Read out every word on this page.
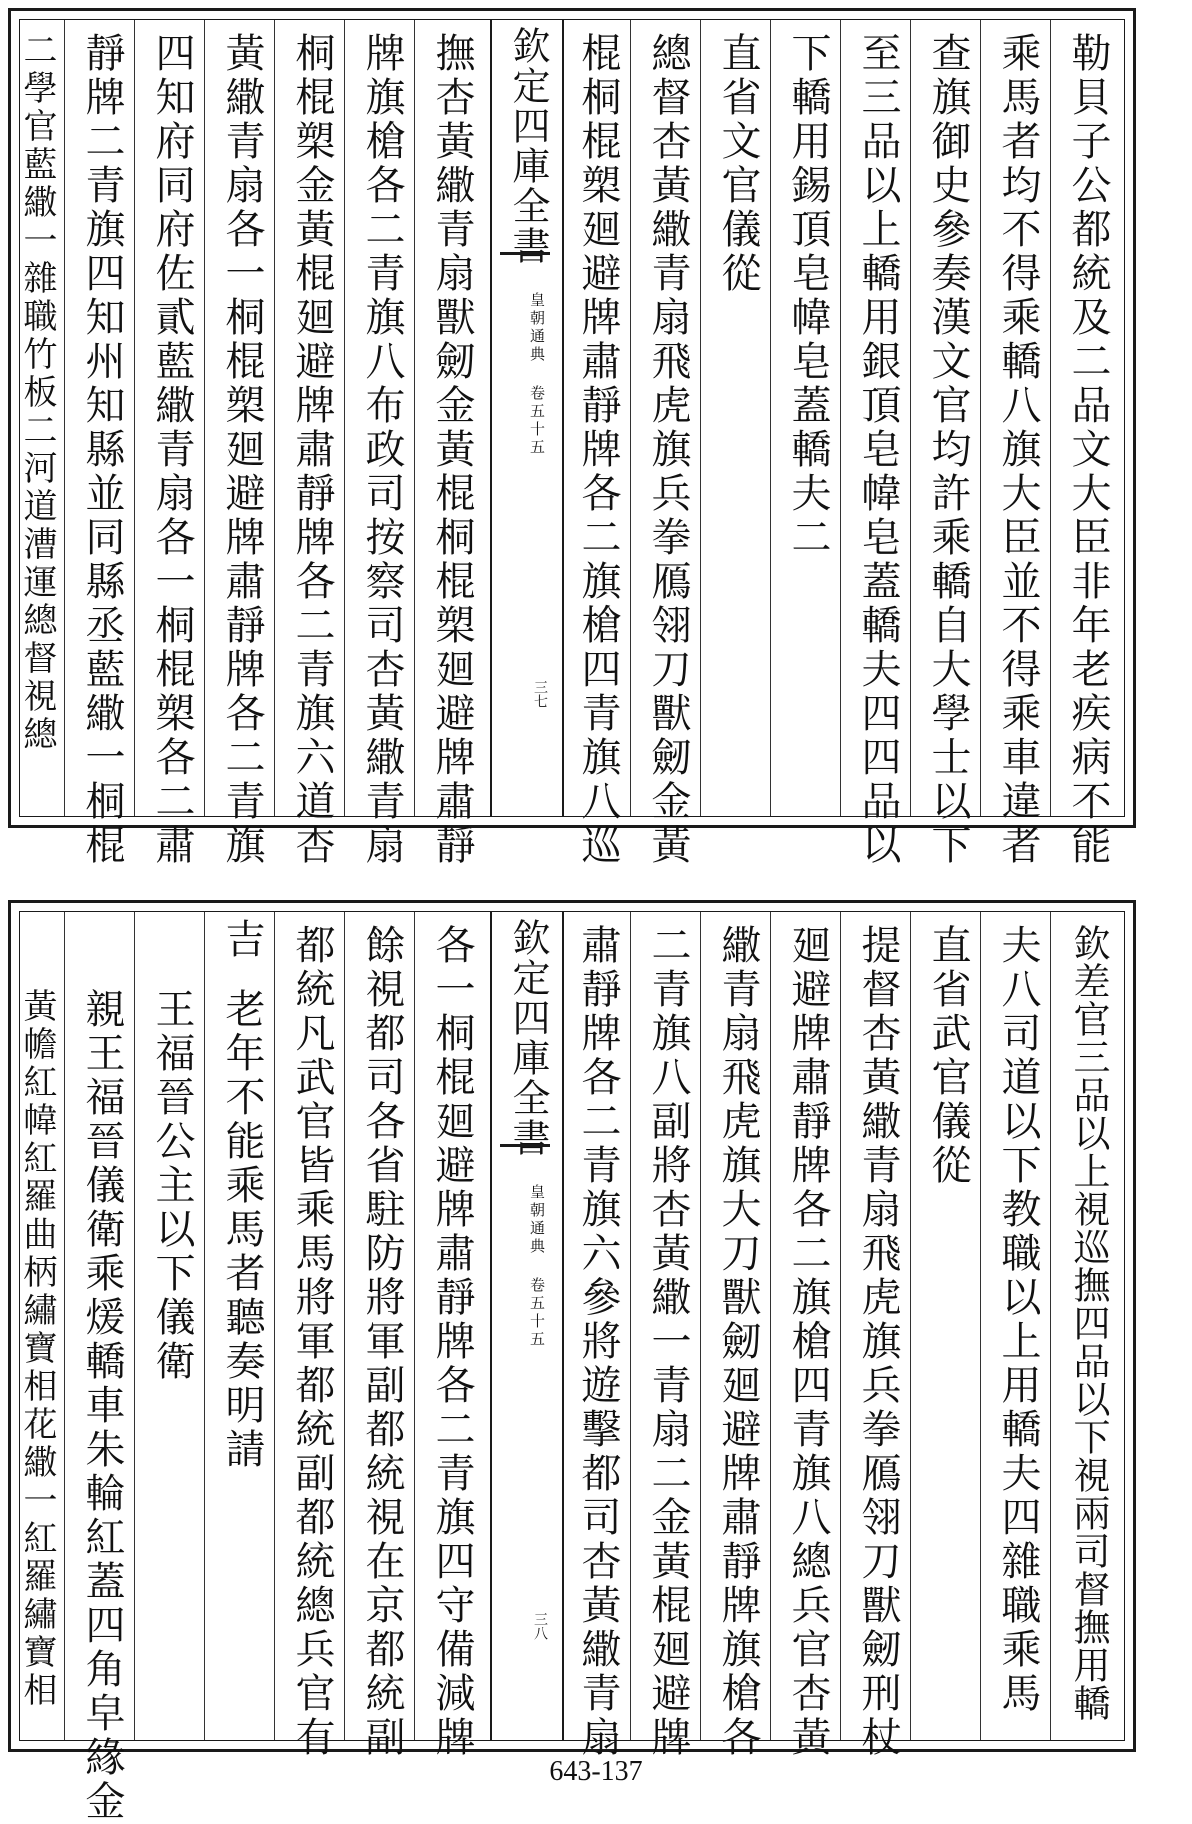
勒貝子公都統及二品文大臣非年老疾病不能
乘馬者均不得乘轎八旗大臣並不得乘車違者
查旗御史參奏漢文官均許乘轎自大學士以下
至三品以上轎用銀頂皂幃皂蓋轎夫四四品以
下轎用錫頂皂幃皂蓋轎夫二
直省文官儀從
總督杏黃繖青扇飛虎旗兵拳鴈翎刀獸劒金黃
棍桐棍槊廻避牌肅靜牌各二旗槍四青旗八巡
欽定四庫全書
皇朝通典 卷五十五
三七
撫杏黃繖青扇獸劒金黃棍桐棍槊廻避牌肅靜
牌旗槍各二青旗八布政司按察司杏黃繖青扇
桐棍槊金黃棍廻避牌肅靜牌各二青旗六道杏
黃繖青扇各一桐棍槊廻避牌肅靜牌各二青旗
四知府同府佐貳藍繖青扇各一桐棍槊各二肅
靜牌二青旗四知州知縣並同縣丞藍繖一桐棍
二學官藍繖一雜職竹板二河道漕運總督視總
欽差官三品以上視巡撫四品以下視兩司督撫用轎
夫八司道以下教職以上用轎夫四雜職乘馬
直省武官儀從
提督杏黃繖青扇飛虎旗兵拳鴈翎刀獸劒刑杖
廻避牌肅靜牌各二旗槍四青旗八總兵官杏黃
繖青扇飛虎旗大刀獸劒廻避牌肅靜牌旗槍各
二青旗八副將杏黃繖一青扇二金黃棍廻避牌
肅靜牌各二青旗六參將遊擊都司杏黃繖青扇
欽定四庫全書
皇朝通典 卷五十五
三八
各一桐棍廻避牌肅靜牌各二青旗四守備減牌
餘視都司各省駐防將軍副都統視在京都統副
都統凡武官皆乘馬將軍都統副都統總兵官有
老年不能乘馬者聽奏明請
吉
王福晉公主以下儀衛
親王福晉儀衛乘煖轎車朱輪紅蓋四角皁緣金
黃幨紅幃紅羅曲柄繡寶相花繖一紅羅繡寶相
643-137
